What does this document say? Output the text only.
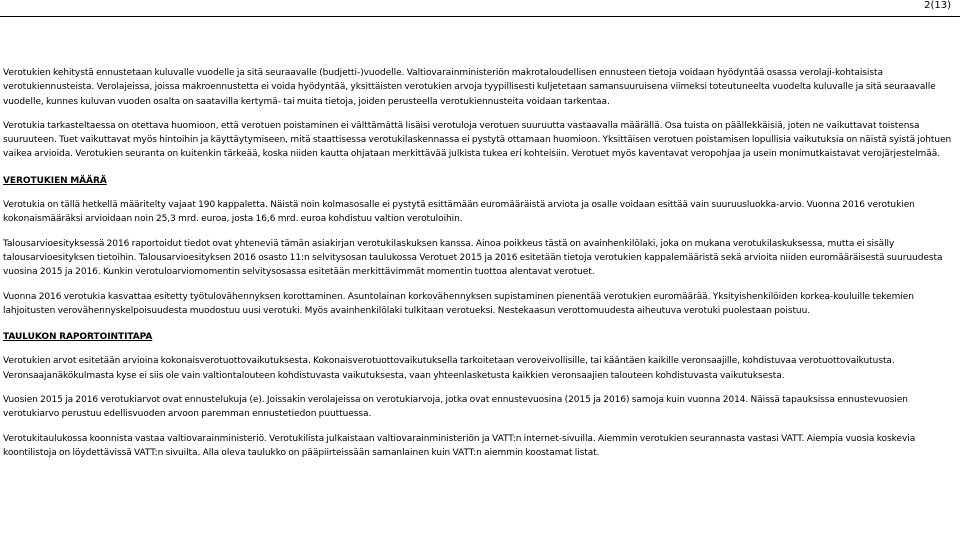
2(13)

Verotukien kehitystä ennustetaan kuluvalle vuodelle ja sitä seuraavalle (budjetti-)vuodelle. Valtiovarainministeriön makrotaloudellisen ennusteen tietoja voidaan hyödyntää osassa verolaji-kohtaisista verotukiennusteista. Verolajeissa, joissa makroennustetta ei voida hyödyntää, yksittäisten verotukien arvoja tyypillisesti kuljetetaan samansuuruisena viimeksi toteutuneelta vuodelta kuluvalle ja sitä seuraavalle vuodelle, kunnes kuluvan vuoden osalta on saatavilla kertymä- tai muita tietoja, joiden perusteella verotukiennusteita voidaan tarkentaa.

Verotukia tarkasteltaessa on otettava huomioon, että verotuen poistaminen ei välttämättä lisäisi verotuloja verotuen suuruutta vastaavalla määrällä. Osa tuista on päällekkäisiä, joten ne vaikuttavat toistensa suuruuteen. Tuet vaikuttavat myös hintoihin ja käyttäytymiseen, mitä staattisessa verotukilaskennassa ei pystytä ottamaan huomioon. Yksittäisen verotuen poistamisen lopullisia vaikutuksia on näistä syistä johtuen vaikea arvioida. Verotukien seuranta on kuitenkin tärkeää, koska niiden kautta ohjataan merkittävää julkista tukea eri kohteisiin. Verotuet myös kaventavat veropohjaa ja usein monimutkaistavat verojärjestelmää.

VEROTUKIEN MÄÄRÄ

Verotukia on tällä hetkellä määritelty vajaat 190 kappaletta. Näistä noin kolmasosalle ei pystytä esittämään euromääräistä arviota ja osalle voidaan esittää vain suuruusluokka-arvio. Vuonna 2016 verotukien kokonaismääräksi arvioidaan noin 25,3 mrd. euroa, josta 16,6 mrd. euroa kohdistuu valtion verotuloihin.

Talousarvioesityksessä 2016 raportoidut tiedot ovat yhteneviä tämän asiakirjan verotukilaskuksen kanssa. Ainoa poikkeus tästä on avainhenkilölaki, joka on mukana verotukilaskuksessa, mutta ei sisälly talousarvioesityksen tietoihin. Talousarvioesityksen 2016 osasto 11:n selvitysosan taulukossa Verotuet 2015 ja 2016 esitetään tietoja verotukien kappalemääristä sekä arvioita niiden euromääräisestä suuruudesta vuosina 2015 ja 2016. Kunkin verotuloarviomomentin selvitysosassa esitetään merkittävimmät momentin tuottoa alentavat verotuet.

Vuonna 2016 verotukia kasvattaa esitetty työtulovähennyksen korottaminen. Asuntolainan korkovähennyksen supistaminen pienentää verotukien euromäärää. Yksityishenkilöiden korkea-kouluille tekemien lahjoitusten verovähennyskelpoisuudesta muodostuu uusi verotuki. Myös avainhenkilölaki tulkitaan verotueksi. Nestekaasun verottomuudesta aiheutuva verotuki puolestaan poistuu.

TAULUKON RAPORTOINTITAPA

Verotukien arvot esitetään arvioina kokonaisverotuottovaikutuksesta. Kokonaisverotuottovaikutuksella tarkoitetaan veroveivollisille, tai käântäen kaikille veronsaajille, kohdistuvaa verotuottovaikutusta. Veronsaajanäkökulmasta kyse ei siis ole vain valtiontalouteen kohdistuvasta vaikutuksesta, vaan yhteenlasketusta kaikkien veronsaajien talouteen kohdistuvasta vaikutuksesta.

Vuosien 2015 ja 2016 verotukiarvot ovat ennustelukuja (e). Joissakin verolajeissa on verotukiarvoja, jotka ovat ennustevuosina (2015 ja 2016) samoja kuin vuonna 2014. Näissä tapauksissa ennustevuosien verotukiarvo perustuu edellisvuoden arvoon paremman ennustetiedon puuttuessa.

Verotukitaulukossa koonnista vastaa valtiovarainministeriö. Verotukilista julkaistaan valtiovarainministeriön ja VATT:n internet-sivuilla. Aiemmin verotukien seurannasta vastasi VATT. Aiempia vuosia koskevia koontilistoja on löydettävissä VATT:n sivuilta. Alla oleva taulukko on pääpiirteissään samanlainen kuin VATT:n aiemmin koostamat listat.
